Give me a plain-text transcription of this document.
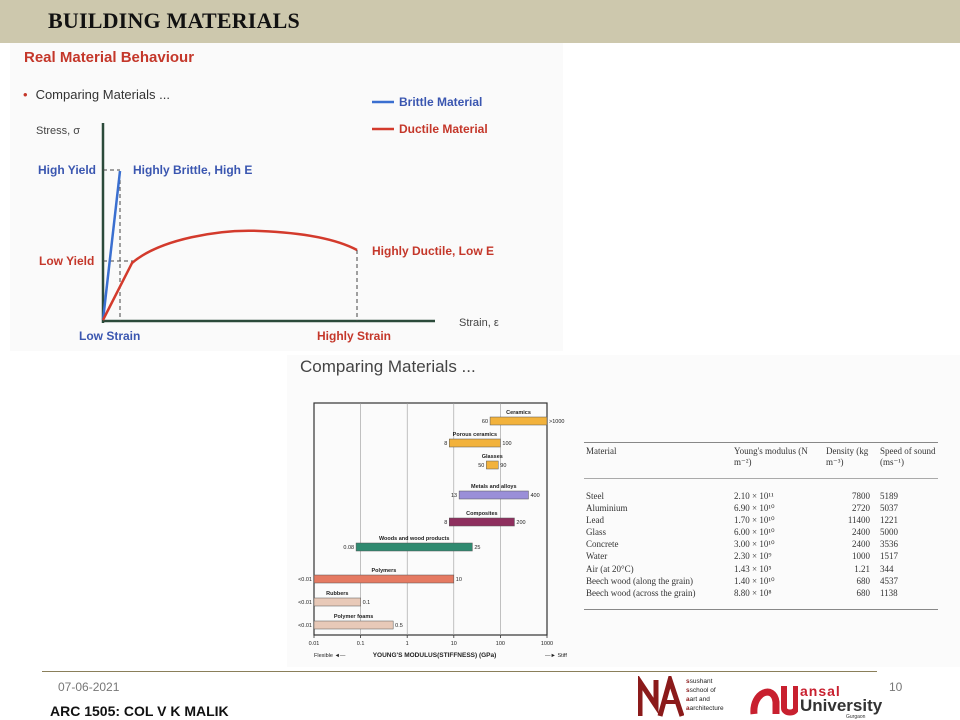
BUILDING MATERIALS
Real Material Behaviour
• Comparing Materials ...	Brittle Material
Ductile Material
Stress, σ
Strain, ε
High Yield	Highly Brittle, High E
Low Yield
Highly Ductile, Low E
Low Strain	Highly Strain
Comparing Materials ...
0.01	0.1	1	10	100	1000
Ceramics
60	>1000
Porous ceramics
8	100
Glasses
50	90
Metals and alloys
13	400
Composites
8	200
Woods and wood products
0.08	25
Polymers
<0.01	10
Rubbers
<0.01	0.1
Polymer foams
<0.01	0.5
Flexible ◄—	YOUNG'S MODULUS(STIFFNESS) (GPa)	—► Stiff
Material	Young's modulus (N m⁻²)	Density (kg m⁻³)	Speed of sound (ms⁻¹)
Steel	2.10 × 10¹¹	7800	5189
Aluminium	6.90 × 10¹⁰	2720	5037
Lead	1.70 × 10¹⁰	11400	1221
Glass	6.00 × 10¹⁰	2400	5000
Concrete	3.00 × 10¹⁰	2400	3536
Water	2.30 × 10⁹	1000	1517
Air (at 20°C)	1.43 × 10⁵	1.21	344
Beech wood (along the grain)	1.40 × 10¹⁰	680	4537
Beech wood (across the grain)	8.80 × 10⁸	680	1138
07-06-2021
ARC 1505: COL V K MALIK
10
ssushant
sschool of
aart and
aarchitecture
ansal
University
Gurgaon
